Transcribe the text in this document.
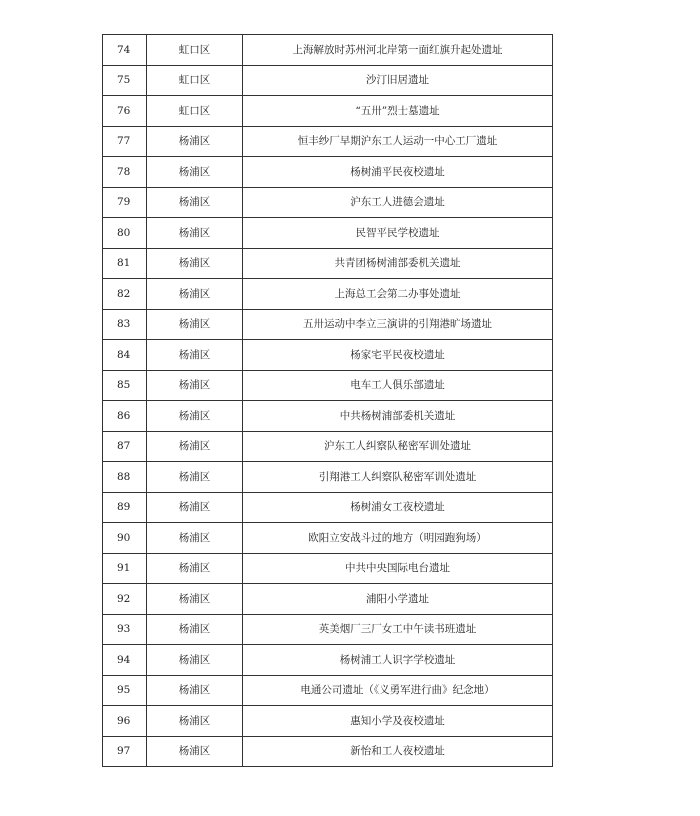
74	虹口区	上海解放时苏州河北岸第一面红旗升起处遗址
75	虹口区	沙汀旧居遗址
76	虹口区	“五卅”烈士墓遗址
77	杨浦区	恒丰纱厂早期沪东工人运动一中心工厂遗址
78	杨浦区	杨树浦平民夜校遗址
79	杨浦区	沪东工人进德会遗址
80	杨浦区	民智平民学校遗址
81	杨浦区	共青团杨树浦部委机关遗址
82	杨浦区	上海总工会第二办事处遗址
83	杨浦区	五卅运动中李立三演讲的引翔港旷场遗址
84	杨浦区	杨家宅平民夜校遗址
85	杨浦区	电车工人俱乐部遗址
86	杨浦区	中共杨树浦部委机关遗址
87	杨浦区	沪东工人纠察队秘密军训处遗址
88	杨浦区	引翔港工人纠察队秘密军训处遗址
89	杨浦区	杨树浦女工夜校遗址
90	杨浦区	欧阳立安战斗过的地方（明园跑狗场）
91	杨浦区	中共中央国际电台遗址
92	杨浦区	浦阳小学遗址
93	杨浦区	英美烟厂三厂女工中午读书班遗址
94	杨浦区	杨树浦工人识字学校遗址
95	杨浦区	电通公司遗址（《义勇军进行曲》纪念地）
96	杨浦区	惠知小学及夜校遗址
97	杨浦区	新怡和工人夜校遗址
